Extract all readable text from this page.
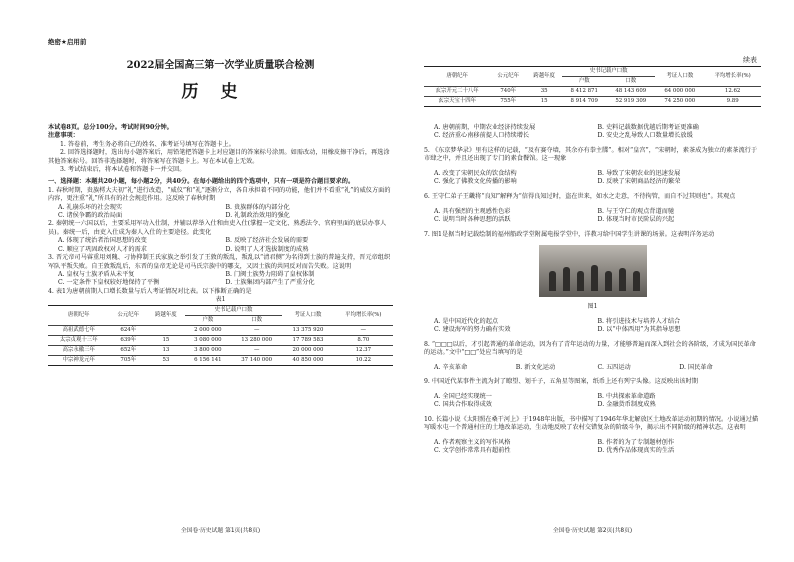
绝密★启用前
2022届全国高三第一次学业质量联合检测
历史

本试卷8页。总分100分。考试时间90分钟。

注意事项：

1. 答卷前，考生务必将自己的姓名、准考证号填写在答题卡上。

2. 回答选择题时，选出每小题答案后，用铅笔把答题卡上对应题目的答案标号涂黑。如需改动，用橡皮擦干净后，再选涂其他答案标号。回答非选择题时，将答案写在答题卡上。写在本试卷上无效。

3. 考试结束后，将本试卷和答题卡一并交回。

一、选择题：本题共20小题，每小题2分，共40分。在每小题给出的四个选项中，只有一项是符合题目要求的。

1. 春秋时期，贵族樗大夫初“礼”进行改造，“威仪”和“礼”逐渐分立，各自承担着不同的功能，他们并不看重“礼”的威仪方面的内容，更注重“礼”所具有的社会规范作用。这反映了春秋时期

A. 礼崩乐坏的社会现实	B. 贵族群体的内部分化
C. 诸侯争霸的政治局面	D. 礼制政治效用的强化

2. 秦朝统一六国以后，主要采用军功入仕制，并辅以荐举入仕和由吏入仕(掌握一定文化、熟悉法令、官府里面的底层办事人员)。秦统一后，由吏入仕成为秦人入仕的主要途径。此变化

A. 体现了统治者治国思想的改变	B. 反映了经济社会发展的需要
C. 顺应了巩固政权对人才的需求	D. 说明了人才选拔制度的成熟

3. 晋元帝司马睿重用刘隗、刁协抑制王氏家族之举引发了王敦的叛乱，叛乱以“清君侧”为名得到士族的普遍支持，晋元帝组织军队平叛失败。自王敦叛乱后，东晋的皇帝无论是司马氏宗族中的哪支，又因士族的共同反对而告失败。这说明

A. 皇权与士族矛盾从未平复	B. 门阀士族势力阻碍了皇权体制
C. 一定条件下皇权较好地保持了平衡	D. 士族集团内部产生了严重分化

4. 表1为唐朝前期人口增长数量与后人考证情况对比表。以下推断正确的是

表1

唐朝纪年	公元纪年	跨越年度	史书记载户口数		考证人口数	平均增长率(%)
			户数	口数		
高祖武德七年	624年		2 000 000	—	13 375 920	—
太宗贞观十三年	639年	15	3 080 000	13 280 000	17 789 583	8.70
高宗永徽三年	652年	13	3 800 000	—	20 000 000	12.37
中宗神龙元年	705年	53	6 156 141	37 140 000	40 850 000	10.22
全国卷·历史试题 第1页(共8页)
续表
唐朝纪年	公元纪年	跨越年度	史书记载户口数		考证人口数	平均增长率(%)
			户数	口数		
玄宗开元二十八年	740年	35	8 412 871	48 143 609	64 000 000	12.62
玄宗天宝十四年	755年	15	8 914 709	52 919 309	74 250 000	9.89
A. 唐朝前期，中期农业经济持续发展	B. 史料记载数据优越后期考证更准确
C. 经济重心南移前提人口持续增长	D. 安史之乱导致人口数量增长放缓

5. 《东京梦华录》里有这样的记载，“及有赛夺墙，其余亦有拳主牒”。相对“皇宫”，“宋朝时，素茶成为独立的素茶流行于市肆之中，并且还出现了专门的素食餐馆。这一现象

A. 改变了宋朝民众的饮食结构	B. 导致了宋朝农业的迅速发展
C. 强化了佛教文化传播的影响	D. 反映了宋朝商品经济的繁荣

6. 王守仁弟子王畿将“良知”解释为“信得良知过时，盗在世来，如水之走意，不待拘管，而自不过其则也”。其观点

A. 具有强烈的主观感性色彩	B. 与王守仁的观点背道而驰
C. 说明当时各种思想的活跃	D. 体现当时市民阶层的兴起

7. 图1是据当时记载绘制的福州船政学堂附属电报学堂中，洋教习给中国学生讲课的场景。这表明洋务运动

图1

A. 是中国近代化的起点	B. 将引进技术与培养人才结合
C. 建设海军的努力确有实效	D. 以“中体西用”为其指导思想

8. “□□□以后，才引起普通的革命运动，因为有了青年运动的力量，才能够普遍而深入到社会的各阶级，才成为国民革命的运动。”文中“□□”处应当填写的是

A. 辛亥革命	B. 新文化运动	C. 五四运动	D. 国民革命

9. 中国近代某事件主流为封了瞭望、划千子，五角星等图案，纸币上还有列宁头像。这反映出该时期

A. 全国已经实现统一	B. 中共探索革命道路
C. 国共合作取得成效	D. 金融货币制度成熟

10. 长篇小说《太阳照在桑干河上》于1948年出版，书中描写了1946年华北解放区土地改革运动初期的情况。小说通过描写暖水屯一个普通村庄的土地改革运动，生动地反映了农村交错复杂的阶级斗争，揭示出不同阶级的精神状态。这表明

A. 作者观察主义的写作风格	B. 作者的为了专制题材创作
C. 文学创作常常具有超前性	D. 优秀作品体现真实的生活
全国卷·历史试题 第2页(共8页)
